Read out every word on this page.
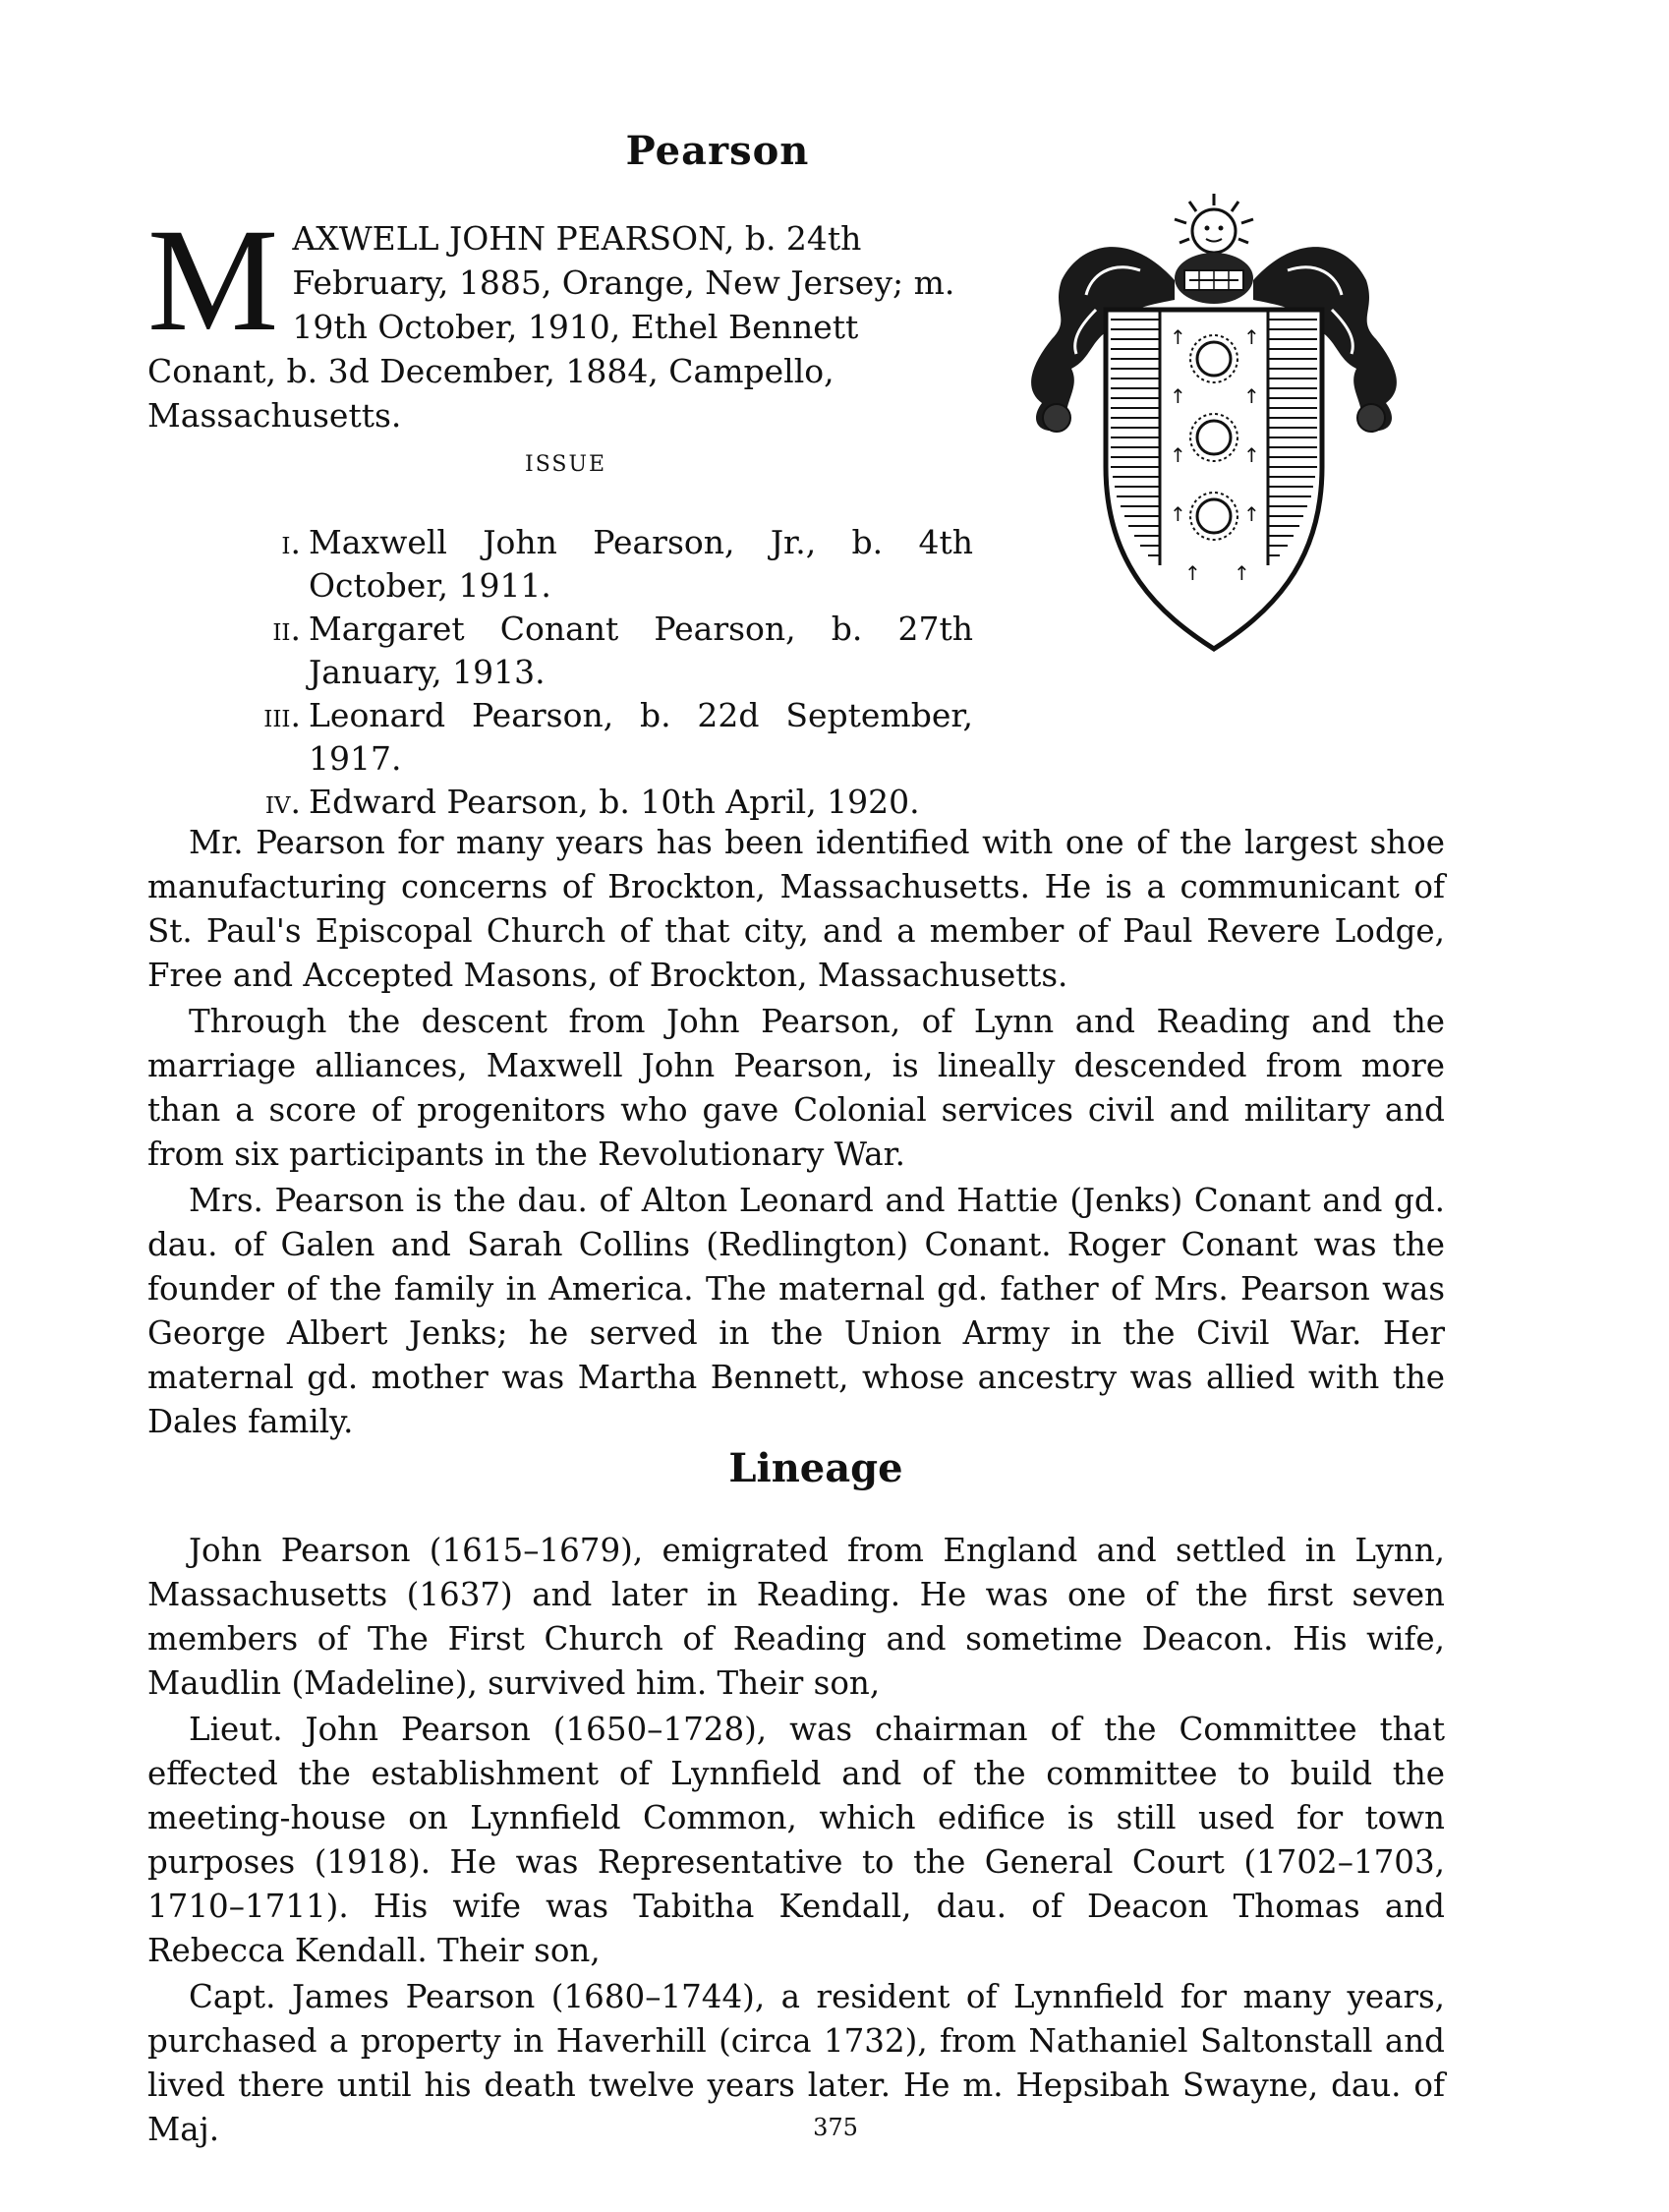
Pearson
M AXWELL JOHN PEARSON, b. 24th February, 1885, Orange, New Jersey; m. 19th October, 1910, Ethel Bennett Conant, b. 3d December, 1884, Campello, Massachusetts.
↑	↑
↑	↑
↑	↑
↑	↑
↑ ↑
ISSUE
i. Maxwell John Pearson, Jr., b. 4th October, 1911.
ii. Margaret Conant Pearson, b. 27th January, 1913.
iii. Leonard Pearson, b. 22d September, 1917.
iv. Edward Pearson, b. 10th April, 1920.

Mr. Pearson for many years has been identified with one of the largest shoe manufacturing concerns of Brockton, Massachusetts. He is a communicant of St. Paul's Episcopal Church of that city, and a member of Paul Revere Lodge, Free and Accepted Masons, of Brockton, Massachusetts.

Through the descent from John Pearson, of Lynn and Reading and the marriage alliances, Maxwell John Pearson, is lineally descended from more than a score of progenitors who gave Colonial services civil and military and from six participants in the Revolutionary War.

Mrs. Pearson is the dau. of Alton Leonard and Hattie (Jenks) Conant and gd. dau. of Galen and Sarah Collins (Redlington) Conant. Roger Conant was the founder of the family in America. The maternal gd. father of Mrs. Pearson was George Albert Jenks; he served in the Union Army in the Civil War. Her maternal gd. mother was Martha Bennett, whose ancestry was allied with the Dales family.

Lineage

John Pearson (1615–1679), emigrated from England and settled in Lynn, Massachusetts (1637) and later in Reading. He was one of the first seven members of The First Church of Reading and sometime Deacon. His wife, Maudlin (Madeline), survived him. Their son,

Lieut. John Pearson (1650–1728), was chairman of the Committee that effected the establishment of Lynnfield and of the committee to build the meeting-house on Lynnfield Common, which edifice is still used for town purposes (1918). He was Representative to the General Court (1702–1703, 1710–1711). His wife was Tabitha Kendall, dau. of Deacon Thomas and Rebecca Kendall. Their son,

Capt. James Pearson (1680–1744), a resident of Lynnfield for many years, purchased a property in Haverhill (circa 1732), from Nathaniel Saltonstall and lived there until his death twelve years later. He m. Hepsibah Swayne, dau. of Maj.	375
